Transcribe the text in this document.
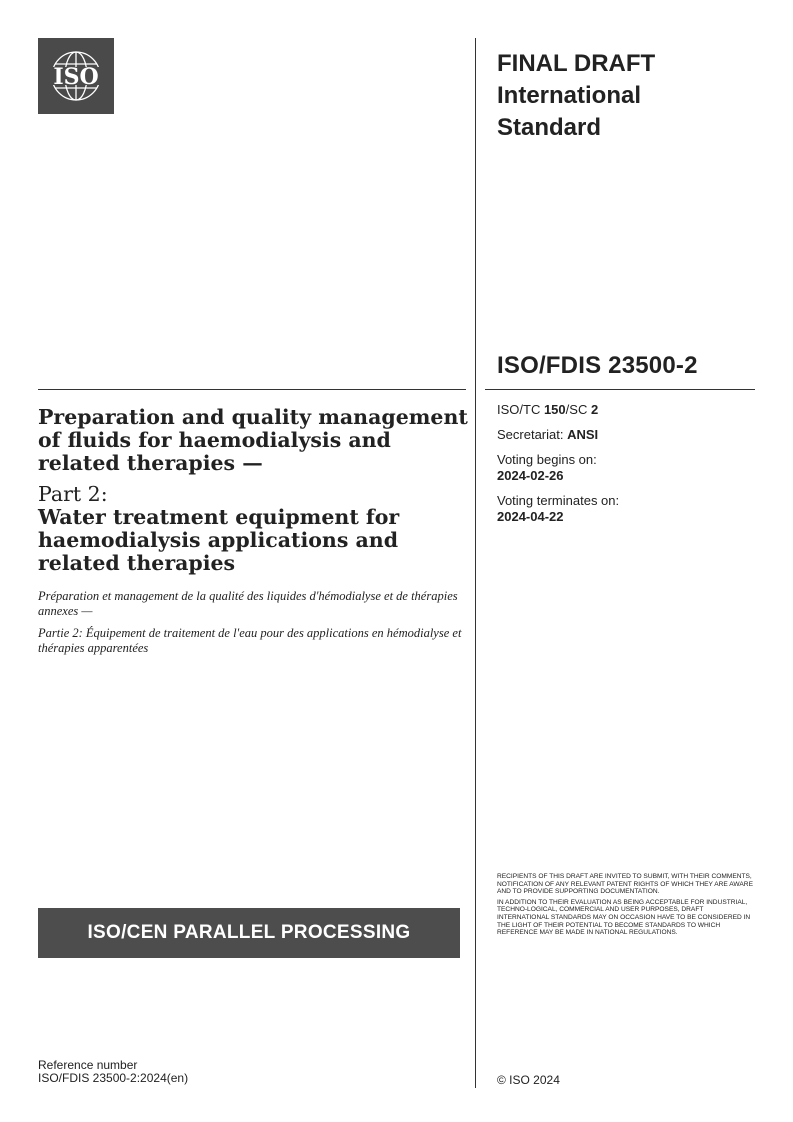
ISO	FINAL DRAFT
International
Standard
ISO/FDIS 23500-2
ISO/TC 150/SC 2
Secretariat: ANSI
Voting begins on:
2024-02-26
Voting terminates on:
2024-04-22

Preparation and quality management of fluids for haemodialysis and related therapies —

Part 2:

Water treatment equipment for haemodialysis applications and related therapies

Préparation et management de la qualité des liquides d'hémodialyse et de thérapies annexes —

Partie 2: Équipement de traitement de l'eau pour des applications en hémodialyse et thérapies apparentées

ISO/CEN PARALLEL PROCESSING

RECIPIENTS OF THIS DRAFT ARE INVITED TO SUBMIT, WITH THEIR COMMENTS, NOTIFICATION OF ANY RELEVANT PATENT RIGHTS OF WHICH THEY ARE AWARE AND TO PROVIDE SUPPORTING DOCUMENTATION.

IN ADDITION TO THEIR EVALUATION AS BEING ACCEPTABLE FOR INDUSTRIAL, TECHNO-LOGICAL, COMMERCIAL AND USER PURPOSES, DRAFT INTERNATIONAL STANDARDS MAY ON OCCASION HAVE TO BE CONSIDERED IN THE LIGHT OF THEIR POTENTIAL TO BECOME STANDARDS TO WHICH REFERENCE MAY BE MADE IN NATIONAL REGULATIONS.

Reference number
ISO/FDIS 23500-2:2024(en)	© ISO 2024
